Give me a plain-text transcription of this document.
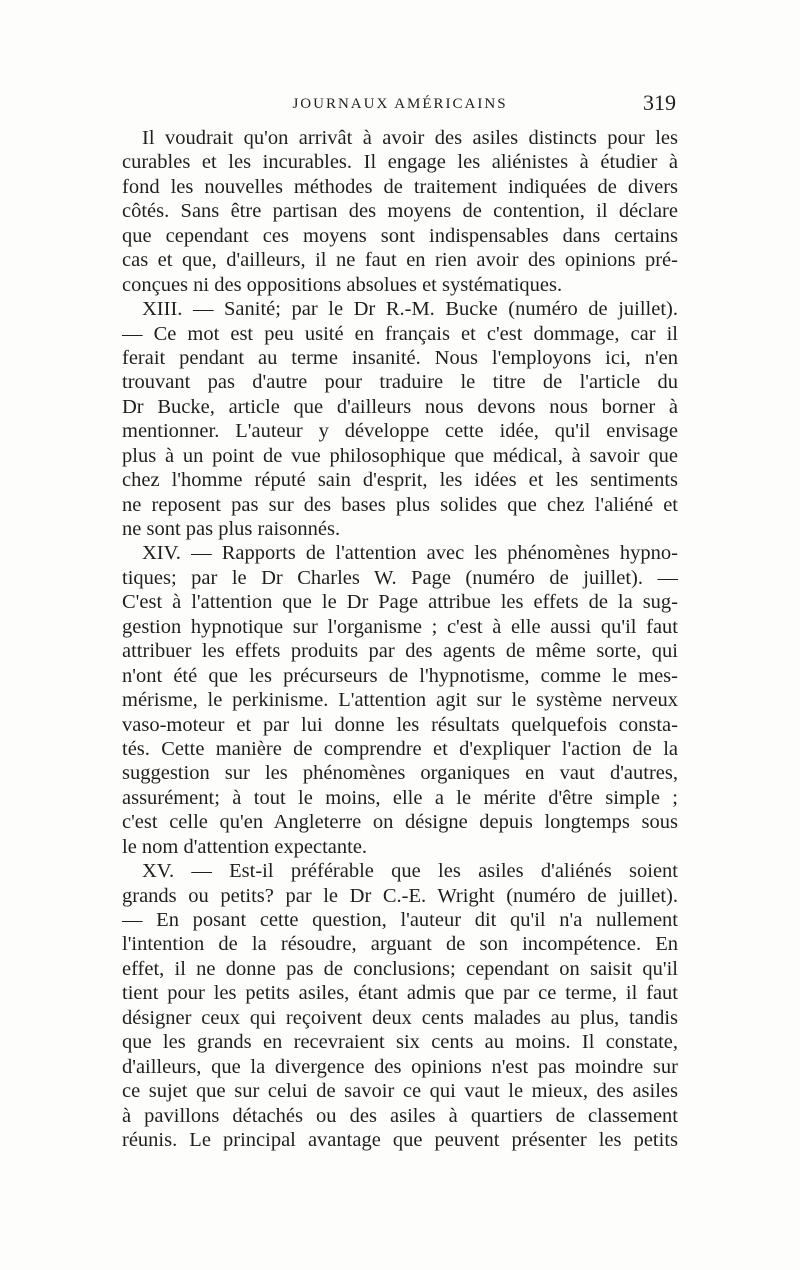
JOURNAUX AMÉRICAINS	319
Il voudrait qu'on arrivât à avoir des asiles distincts pour les
curables et les incurables. Il engage les aliénistes à étudier à
fond les nouvelles méthodes de traitement indiquées de divers
côtés. Sans être partisan des moyens de contention, il déclare
que cependant ces moyens sont indispensables dans certains
cas et que, d'ailleurs, il ne faut en rien avoir des opinions pré-
conçues ni des oppositions absolues et systématiques.
XIII. — Sanité; par le Dr R.-M. Bucke (numéro de juillet).
— Ce mot est peu usité en français et c'est dommage, car il
ferait pendant au terme insanité. Nous l'employons ici, n'en
trouvant pas d'autre pour traduire le titre de l'article du
Dr Bucke, article que d'ailleurs nous devons nous borner à
mentionner. L'auteur y développe cette idée, qu'il envisage
plus à un point de vue philosophique que médical, à savoir que
chez l'homme réputé sain d'esprit, les idées et les sentiments
ne reposent pas sur des bases plus solides que chez l'aliéné et
ne sont pas plus raisonnés.
XIV. — Rapports de l'attention avec les phénomènes hypno-
tiques; par le Dr Charles W. Page (numéro de juillet). —
C'est à l'attention que le Dr Page attribue les effets de la sug-
gestion hypnotique sur l'organisme ; c'est à elle aussi qu'il faut
attribuer les effets produits par des agents de même sorte, qui
n'ont été que les précurseurs de l'hypnotisme, comme le mes-
mérisme, le perkinisme. L'attention agit sur le système nerveux
vaso-moteur et par lui donne les résultats quelquefois consta-
tés. Cette manière de comprendre et d'expliquer l'action de la
suggestion sur les phénomènes organiques en vaut d'autres,
assurément; à tout le moins, elle a le mérite d'être simple ;
c'est celle qu'en Angleterre on désigne depuis longtemps sous
le nom d'attention expectante.
XV. — Est-il préférable que les asiles d'aliénés soient
grands ou petits? par le Dr C.-E. Wright (numéro de juillet).
— En posant cette question, l'auteur dit qu'il n'a nullement
l'intention de la résoudre, arguant de son incompétence. En
effet, il ne donne pas de conclusions; cependant on saisit qu'il
tient pour les petits asiles, étant admis que par ce terme, il faut
désigner ceux qui reçoivent deux cents malades au plus, tandis
que les grands en recevraient six cents au moins. Il constate,
d'ailleurs, que la divergence des opinions n'est pas moindre sur
ce sujet que sur celui de savoir ce qui vaut le mieux, des asiles
à pavillons détachés ou des asiles à quartiers de classement
réunis. Le principal avantage que peuvent présenter les petits
